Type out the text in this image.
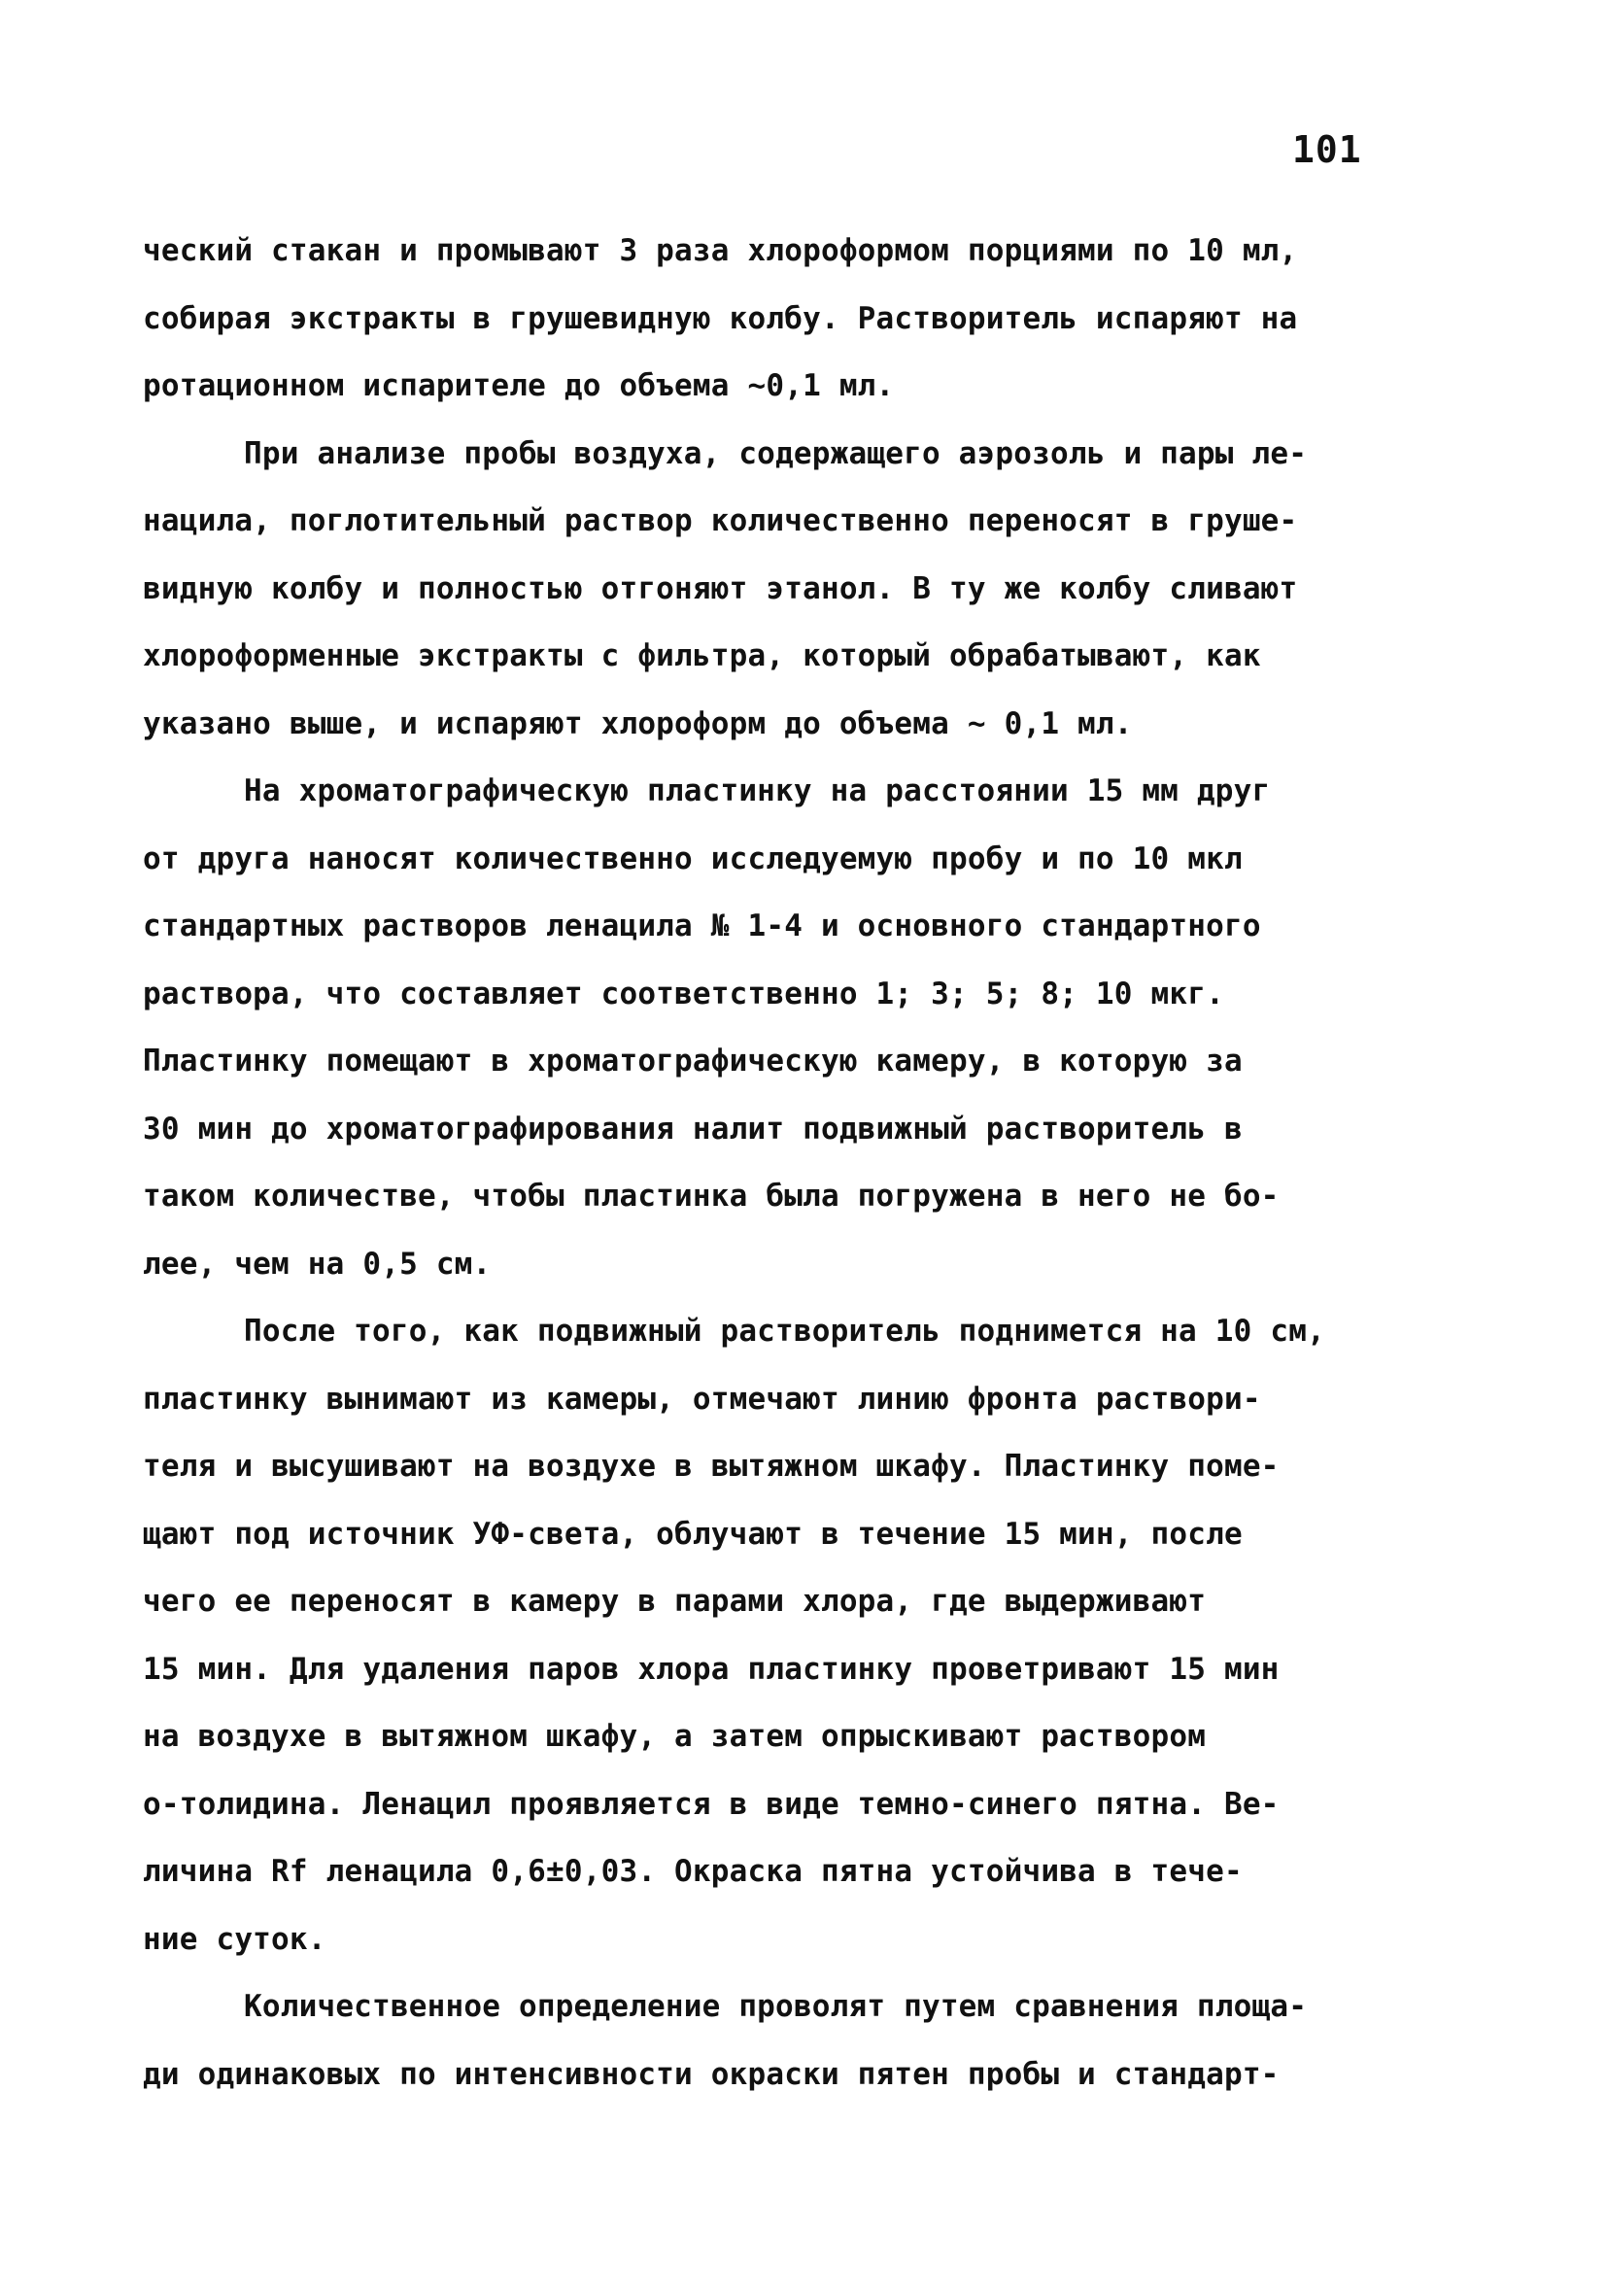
101
ческий стакан и промывают 3 раза хлороформом порциями по 10 мл,
собирая экстракты в грушевидную колбу. Растворитель испаряют на
ротационном испарителе до объема ~0,1 мл.
При анализе пробы воздуха, содержащего аэрозоль и пары ле-
нацила, поглотительный раствор количественно переносят в груше-
видную колбу и полностью отгоняют этанол. В ту же колбу сливают
хлороформенные экстракты с фильтра, который обрабатывают, как
указано выше, и испаряют хлороформ до объема ~ 0,1 мл.
На хроматографическую пластинку на расстоянии 15 мм друг
от друга наносят количественно исследуемую пробу и по 10 мкл
стандартных растворов ленацила № 1-4 и основного стандартного
раствора, что составляет соответственно 1; 3; 5; 8; 10 мкг.
Пластинку помещают в хроматографическую камеру, в которую за
30 мин до хроматографирования налит подвижный растворитель в
таком количестве, чтобы пластинка была погружена в него не бо-
лее, чем на 0,5 см.
После того, как подвижный растворитель поднимется на 10 см,
пластинку вынимают из камеры, отмечают линию фронта раствори-
теля и высушивают на воздухе в вытяжном шкафу. Пластинку поме-
щают под источник УФ-света, облучают в течение 15 мин, после
чего ее переносят в камеру в парами хлора, где выдерживают
15 мин. Для удаления паров хлора пластинку проветривают 15 мин
на воздухе в вытяжном шкафу, а затем опрыскивают раствором
о-толидина. Ленацил проявляется в виде темно-синего пятна. Ве-
личина Rf ленацила 0,6±0,03. Окраска пятна устойчива в тече-
ние суток.
Количественное определение проволят путем сравнения площа-
ди одинаковых по интенсивности окраски пятен пробы и стандарт-
